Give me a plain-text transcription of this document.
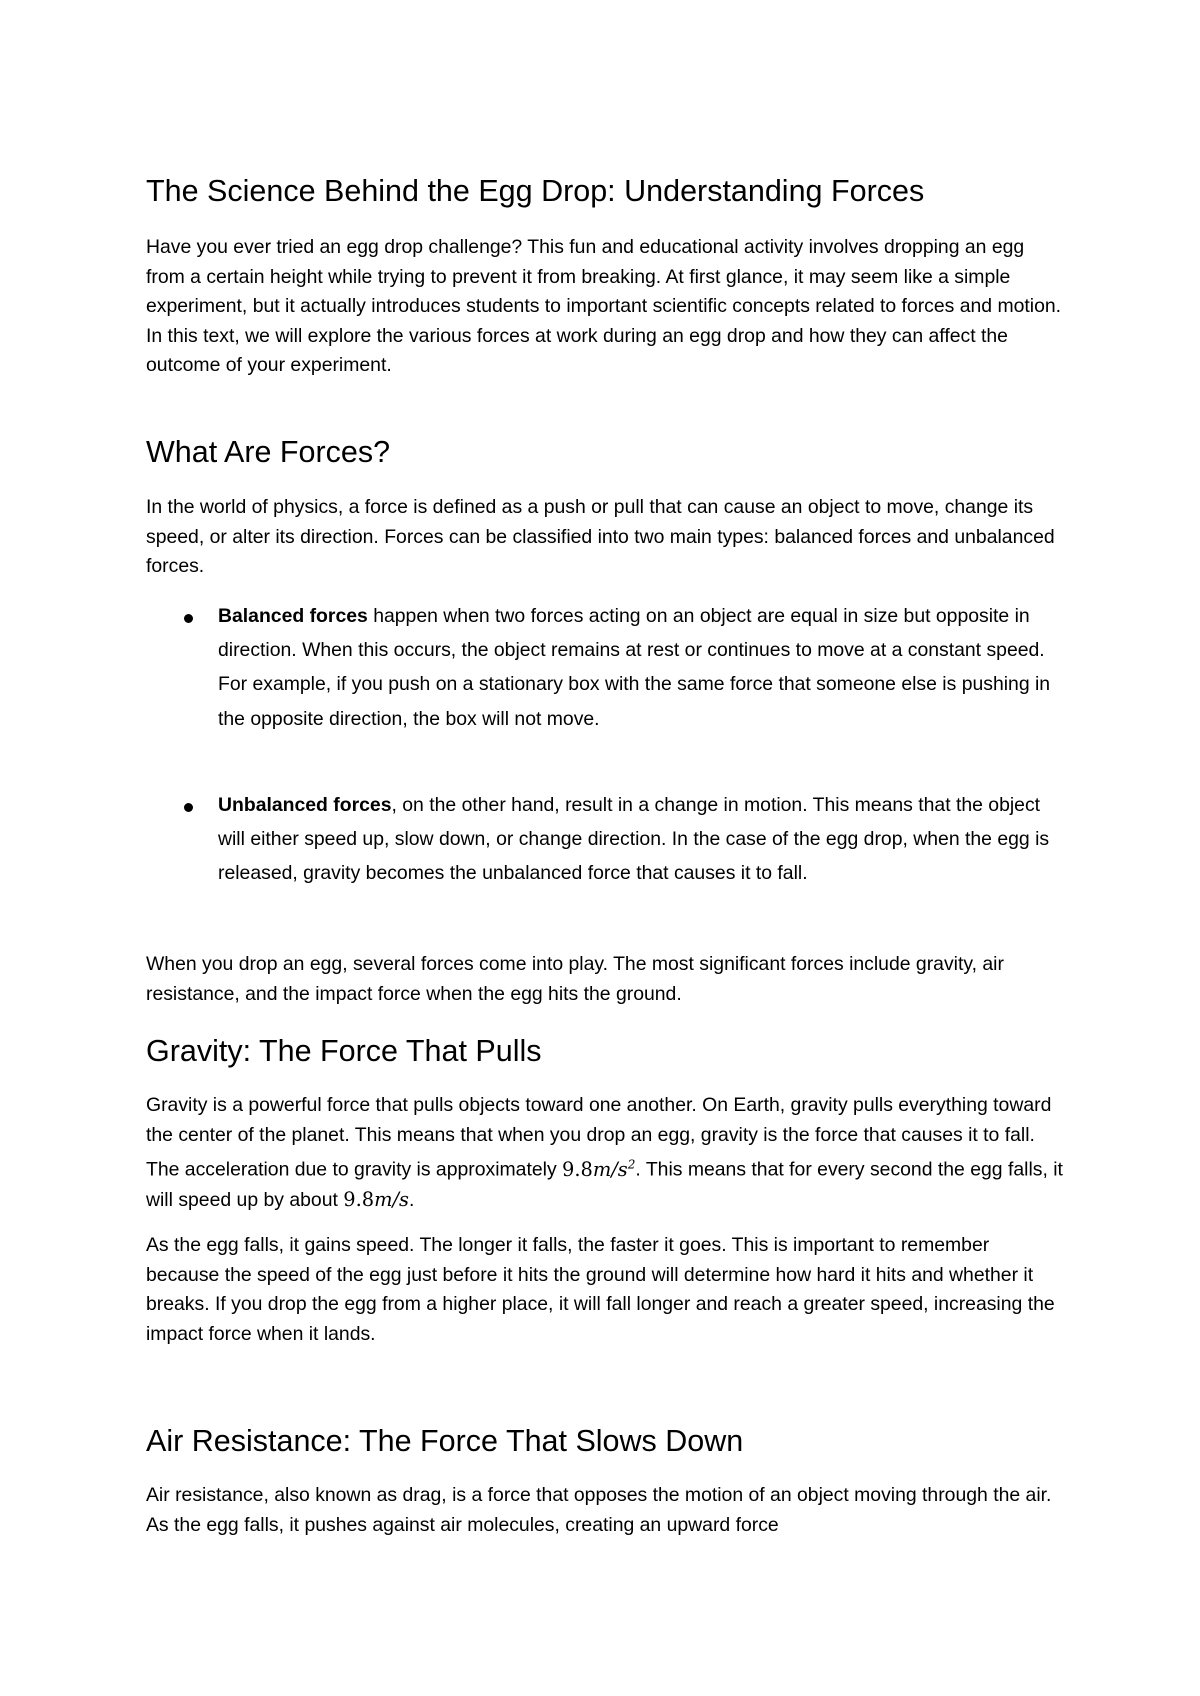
The Science Behind the Egg Drop: Understanding Forces

Have you ever tried an egg drop challenge? This fun and educational activity involves dropping an egg from a certain height while trying to prevent it from breaking. At first glance, it may seem like a simple experiment, but it actually introduces students to important scientific concepts related to forces and motion. In this text, we will explore the various forces at work during an egg drop and how they can affect the outcome of your experiment.

What Are Forces?

In the world of physics, a force is defined as a push or pull that can cause an object to move, change its speed, or alter its direction. Forces can be classified into two main types: balanced forces and unbalanced forces.

Balanced forces happen when two forces acting on an object are equal in size but opposite in direction. When this occurs, the object remains at rest or continues to move at a constant speed. For example, if you push on a stationary box with the same force that someone else is pushing in the opposite direction, the box will not move.

Unbalanced forces, on the other hand, result in a change in motion. This means that the object will either speed up, slow down, or change direction. In the case of the egg drop, when the egg is released, gravity becomes the unbalanced force that causes it to fall.

When you drop an egg, several forces come into play. The most significant forces include gravity, air resistance, and the impact force when the egg hits the ground.

Gravity: The Force That Pulls

Gravity is a powerful force that pulls objects toward one another. On Earth, gravity pulls everything toward the center of the planet. This means that when you drop an egg, gravity is the force that causes it to fall. The acceleration due to gravity is approximately $9.8m/s^2$. This means that for every second the egg falls, it will speed up by about 9.8m/s.

As the egg falls, it gains speed. The longer it falls, the faster it goes. This is important to remember because the speed of the egg just before it hits the ground will determine how hard it hits and whether it breaks. If you drop the egg from a higher place, it will fall longer and reach a greater speed, increasing the impact force when it lands.

Air Resistance: The Force That Slows Down

Air resistance, also known as drag, is a force that opposes the motion of an object moving through the air. As the egg falls, it pushes against air molecules, creating an upward force
